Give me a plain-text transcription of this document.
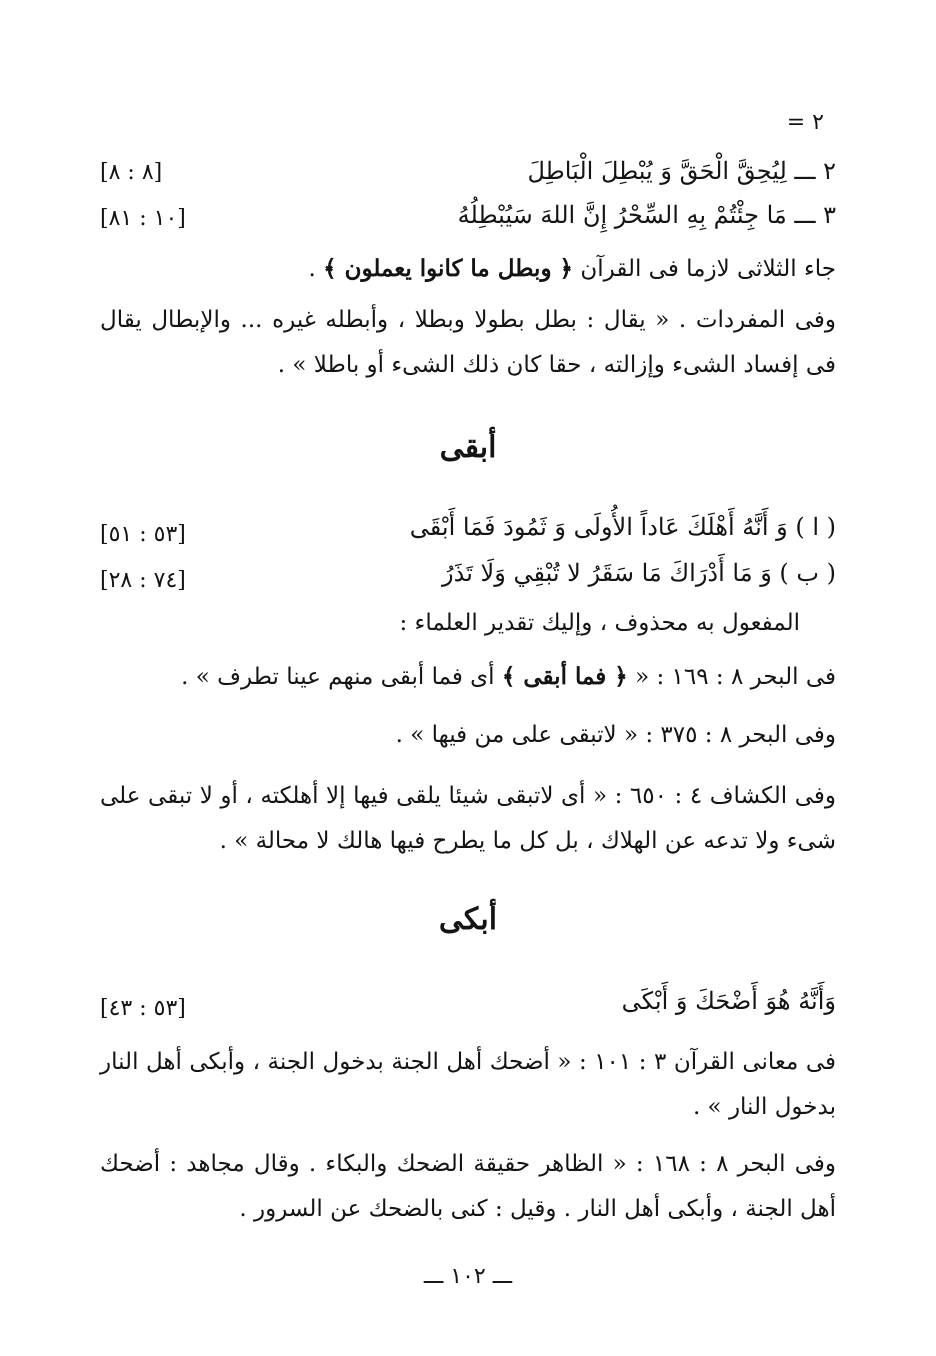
٢ =
٢ ـــ لِيُحِقَّ الْحَقَّ وَ يُبْطِلَ الْبَاطِلَ
[٨ : ٨]
٣ ـــ مَا جِئْتُمْ بِهِ السِّحْرُ إِنَّ اللهَ سَيُبْطِلُهُ
[١٠ : ٨١]
جاء الثلاثى لازما فى القرآن ﴿ وبطل ما كانوا يعملون ﴾ .
وفى المفردات . « يقال : بطل بطولا وبطلا ، وأبطله غيره ... والإبطال يقال فى إفساد الشىء وإزالته ، حقا كان ذلك الشىء أو باطلا » .
أبقى
( ا ) وَ أَنَّهُ أَهْلَكَ عَاداً الأُولَى وَ ثَمُودَ فَمَا أَبْقَى
[٥٣ : ٥١]
( ب ) وَ مَا أَدْرَاكَ مَا سَقَرُ لا تُبْقِي وَلَا تَذَرُ
[٧٤ : ٢٨]
المفعول به محذوف ، وإليك تقدير العلماء :
فى البحر ٨ : ١٦٩ : « ﴿ فما أبقى ﴾ أى فما أبقى منهم عينا تطرف » .
وفى البحر ٨ : ٣٧٥ : « لاتبقى على من فيها » .
وفى الكشاف ٤ : ٦٥٠ : « أى لاتبقى شيئا يلقى فيها إلا أهلكته ، أو لا تبقى على شىء ولا تدعه عن الهلاك ، بل كل ما يطرح فيها هالك لا محالة » .
أبكى
وَأَنَّهُ هُوَ أَضْحَكَ وَ أَبْكَى
[٥٣ : ٤٣]
فى معانى القرآن ٣ : ١٠١ : « أضحك أهل الجنة بدخول الجنة ، وأبكى أهل النار بدخول النار » .
وفى البحر ٨ : ١٦٨ : « الظاهر حقيقة الضحك والبكاء . وقال مجاهد : أضحك أهل الجنة ، وأبكى أهل النار . وقيل : كنى بالضحك عن السرور .
ـــ ١٠٢ ـــ
